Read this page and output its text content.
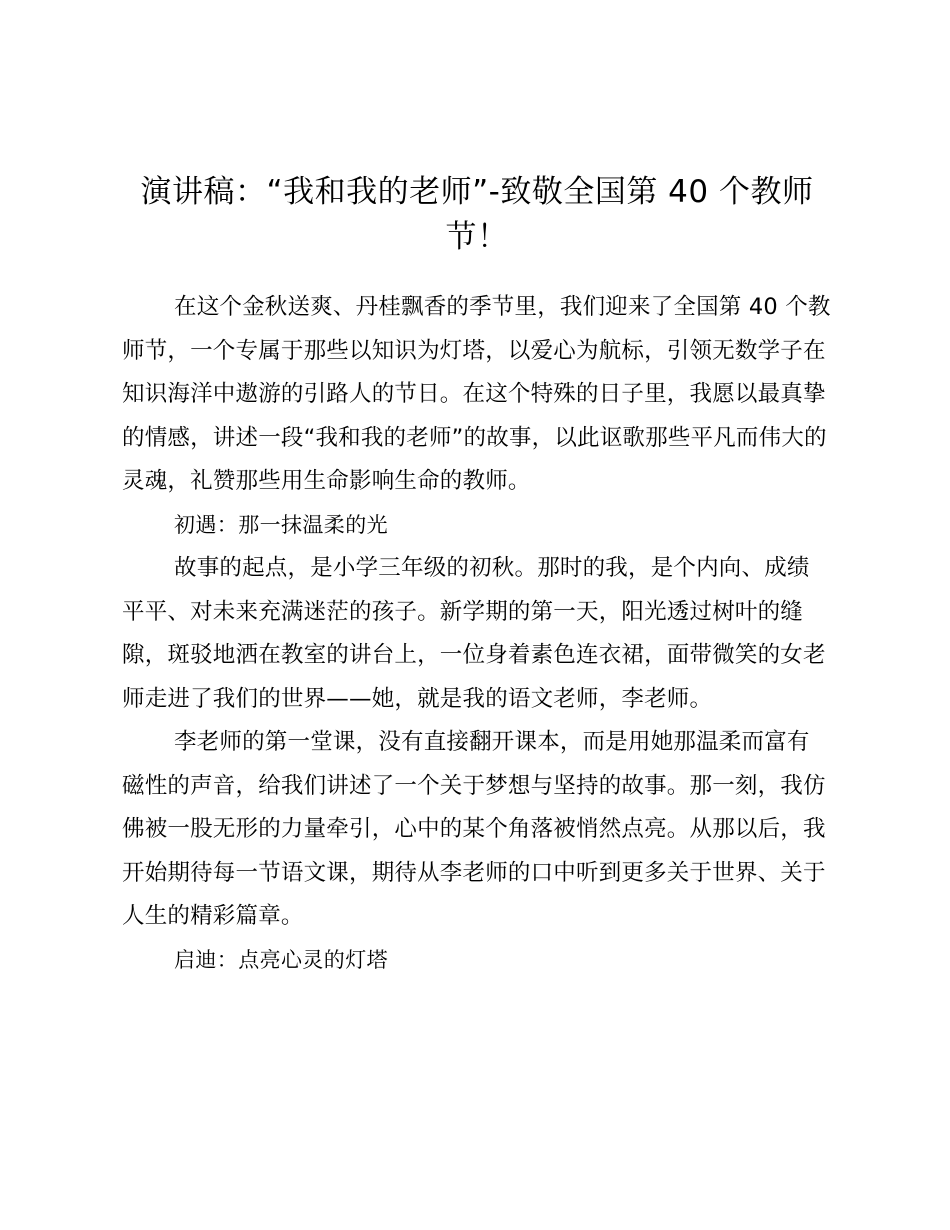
演讲稿：“我和我的老师”-致敬全国第 40 个教师节！

在这个金秋送爽、丹桂飘香的季节里，我们迎来了全国第 40 个教师节，一个专属于那些以知识为灯塔，以爱心为航标，引领无数学子在知识海洋中遨游的引路人的节日。在这个特殊的日子里，我愿以最真挚的情感，讲述一段“我和我的老师”的故事，以此讴歌那些平凡而伟大的灵魂，礼赞那些用生命影响生命的教师。

初遇：那一抹温柔的光

故事的起点，是小学三年级的初秋。那时的我，是个内向、成绩平平、对未来充满迷茫的孩子。新学期的第一天，阳光透过树叶的缝隙，斑驳地洒在教室的讲台上，一位身着素色连衣裙，面带微笑的女老师走进了我们的世界——她，就是我的语文老师，李老师。

李老师的第一堂课，没有直接翻开课本，而是用她那温柔而富有磁性的声音，给我们讲述了一个关于梦想与坚持的故事。那一刻，我仿佛被一股无形的力量牵引，心中的某个角落被悄然点亮。从那以后，我开始期待每一节语文课，期待从李老师的口中听到更多关于世界、关于人生的精彩篇章。

启迪：点亮心灵的灯塔
